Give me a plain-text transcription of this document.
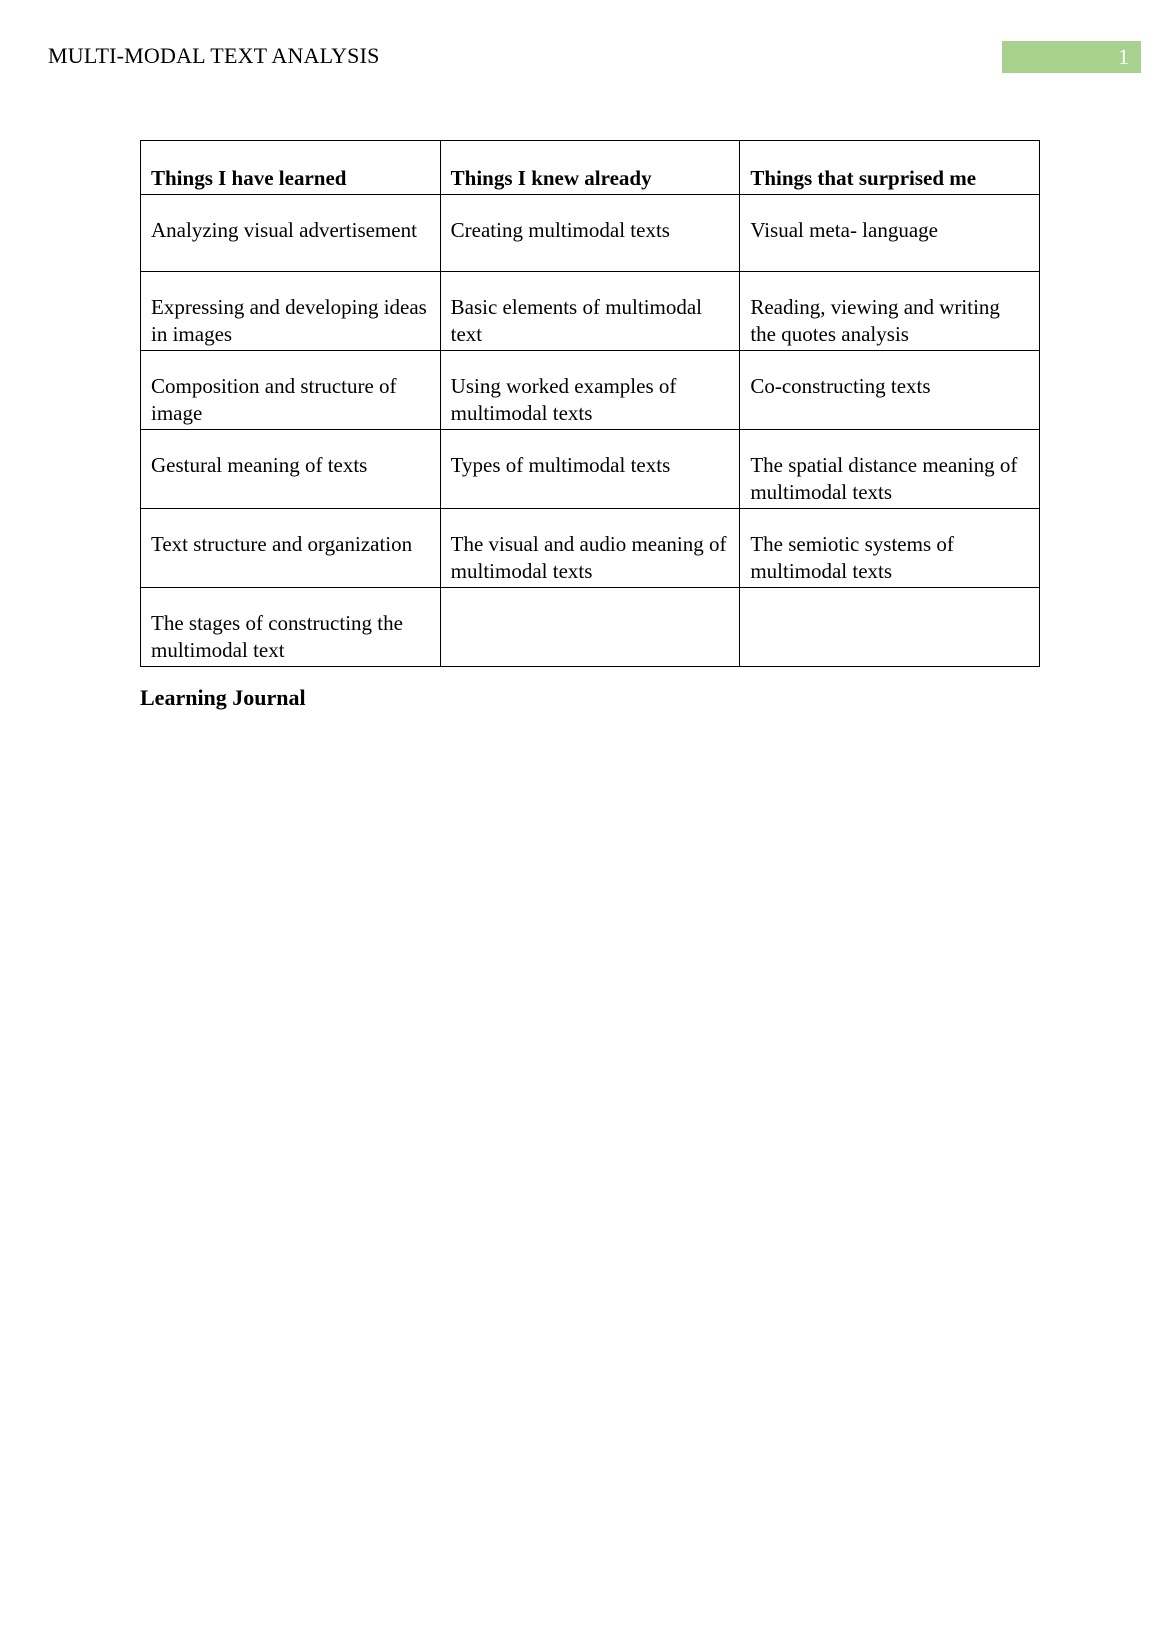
MULTI-MODAL TEXT ANALYSIS	1
Things I have learned	Things I knew already	Things that surprised me
Analyzing visual advertisement	Creating multimodal texts	Visual meta- language
Expressing and developing ideas in images	Basic elements of multimodal text	Reading, viewing and writing the quotes analysis
Composition and structure of image	Using worked examples of multimodal texts	Co-constructing texts
Gestural meaning of texts	Types of multimodal texts	The spatial distance meaning of multimodal texts
Text structure and organization	The visual and audio meaning of multimodal texts	The semiotic systems of multimodal texts
The stages of constructing the multimodal text		
Learning Journal
